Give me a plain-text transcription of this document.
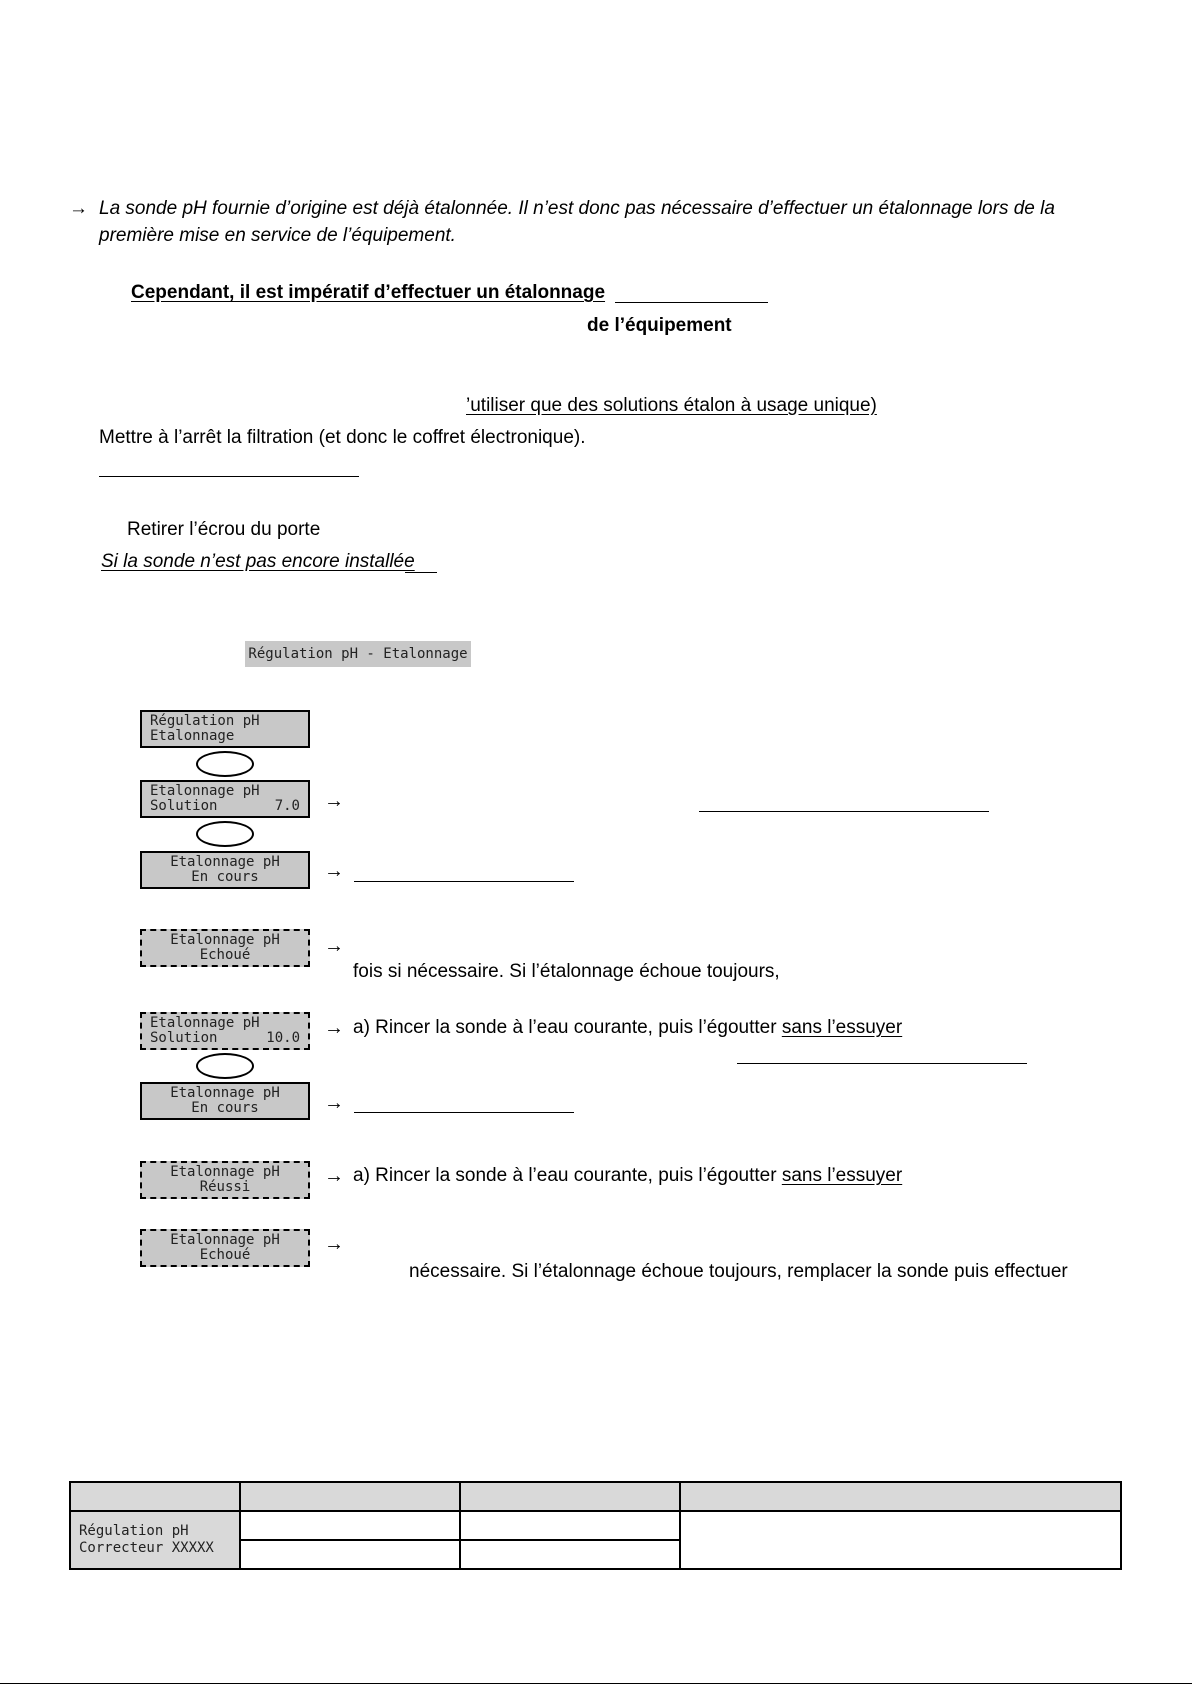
→ La sonde pH fournie d’origine est déjà étalonnée. Il n’est donc pas nécessaire d’effectuer un étalonnage lors de la
première mise en service de l’équipement.
Cependant, il est impératif d’effectuer un étalonnage
de l’équipement
’utiliser que des solutions étalon à usage unique)
Mettre à l’arrêt la filtration (et donc le coffret électronique).
Retirer l’écrou du porte
Si la sonde n’est pas encore installée
Régulation pH - Etalonnage
Régulation pH
Etalonnage
Etalonnage pH
Solution	7.0 →
Etalonnage pH
En cours	→
Etalonnage pH
Echoué	→
fois si nécessaire. Si l’étalonnage échoue toujours,
Etalonnage pH
Solution	10.0 → a) Rincer la sonde à l’eau courante, puis l’égoutter sans l’essuyer
Etalonnage pH
En cours	→
Etalonnage pH
Réussi	→ a) Rincer la sonde à l’eau courante, puis l’égoutter sans l’essuyer
Etalonnage pH
Echoué	→
nécessaire. Si l’étalonnage échoue toujours, remplacer la sonde puis effectuer

Régulation pH
Correcteur XXXXX			
